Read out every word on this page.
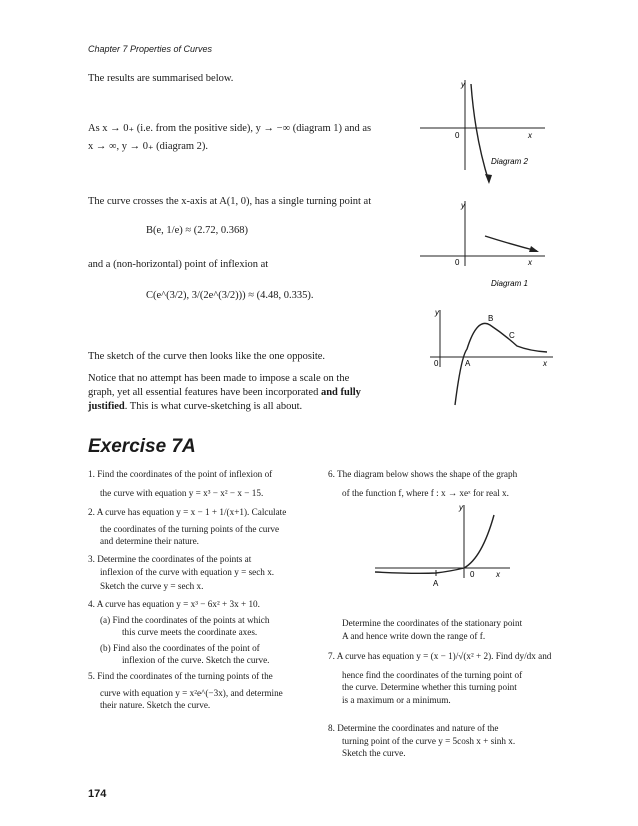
Chapter 7 Properties of Curves
The results are summarised below.
As x → 0₊ (i.e. from the positive side), y → −∞ (diagram 1) and as
x → ∞, y → 0₊ (diagram 2).
The curve crosses the x-axis at A(1, 0), has a single turning point at
B(e, 1/e) ≈ (2.72, 0.368)
and a (non-horizontal) point of inflexion at
C(e^(3/2), 3/(2e^(3/2))) ≈ (4.48, 0.335).
The sketch of the curve then looks like the one opposite.
Notice that no attempt has been made to impose a scale on the
graph, yet all essential features have been incorporated and fully
justified. This is what curve-sketching is all about.
y
x
0
Diagram 2
y
x
0
Diagram 1
y
x
0	A
B
C
Exercise 7A
1. Find the coordinates of the point of inflexion of
the curve with equation y = x³ − x² − x − 15.
2. A curve has equation y = x − 1 + 1/(x+1). Calculate
the coordinates of the turning points of the curve
and determine their nature.
3. Determine the coordinates of the points at
inflexion of the curve with equation y = sech x.
Sketch the curve y = sech x.
4. A curve has equation y = x³ − 6x² + 3x + 10.
(a) Find the coordinates of the points at which
this curve meets the coordinate axes.
(b) Find also the coordinates of the point of
inflexion of the curve. Sketch the curve.
5. Find the coordinates of the turning points of the
curve with equation y = x²e^(−3x), and determine
their nature. Sketch the curve.
6. The diagram below shows the shape of the graph
of the function f, where f : x → xeˣ for real x.
y
x
0
A
Determine the coordinates of the stationary point
A and hence write down the range of f.
7. A curve has equation y = (x − 1)/√(x² + 2). Find dy/dx and
hence find the coordinates of the turning point of
the curve. Determine whether this turning point
is a maximum or a minimum.
8. Determine the coordinates and nature of the
turning point of the curve y = 5cosh x + sinh x.
Sketch the curve.
174
